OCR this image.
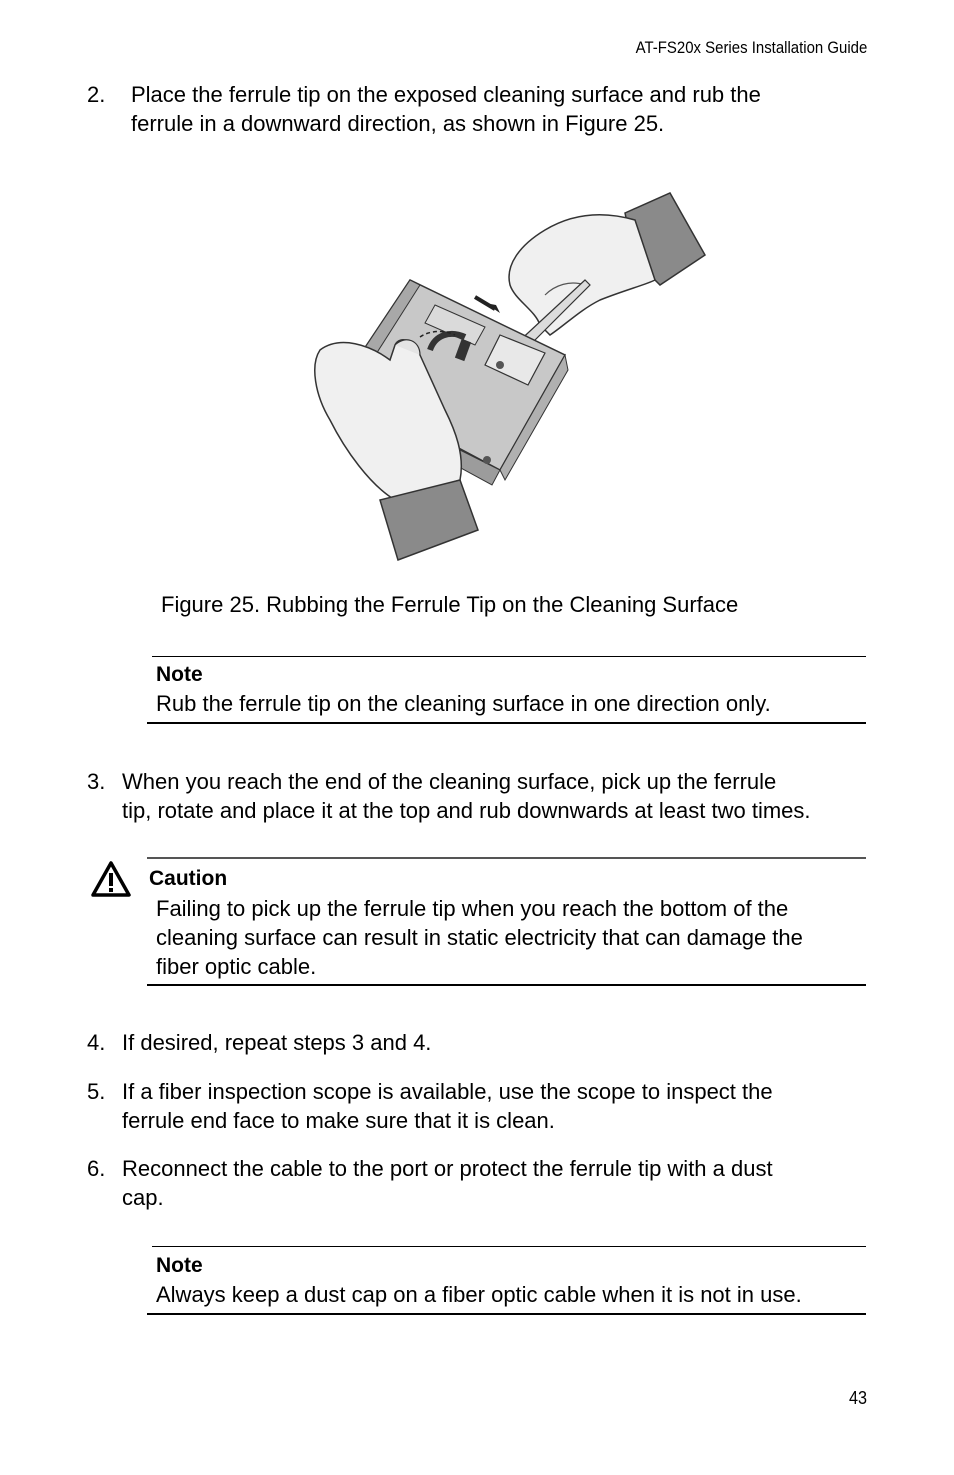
AT-FS20x Series Installation Guide
2. Place the ferrule tip on the exposed cleaning surface and rub the
ferrule in a downward direction, as shown in Figure 25.
Figure 25. Rubbing the Ferrule Tip on the Cleaning Surface
Note
Rub the ferrule tip on the cleaning surface in one direction only.
3. When you reach the end of the cleaning surface, pick up the ferrule
tip, rotate and place it at the top and rub downwards at least two times.
Caution
Failing to pick up the ferrule tip when you reach the bottom of the
cleaning surface can result in static electricity that can damage the
fiber optic cable.
4. If desired, repeat steps 3 and 4.
5. If a fiber inspection scope is available, use the scope to inspect the
ferrule end face to make sure that it is clean.
6. Reconnect the cable to the port or protect the ferrule tip with a dust
cap.
Note
Always keep a dust cap on a fiber optic cable when it is not in use.
43
